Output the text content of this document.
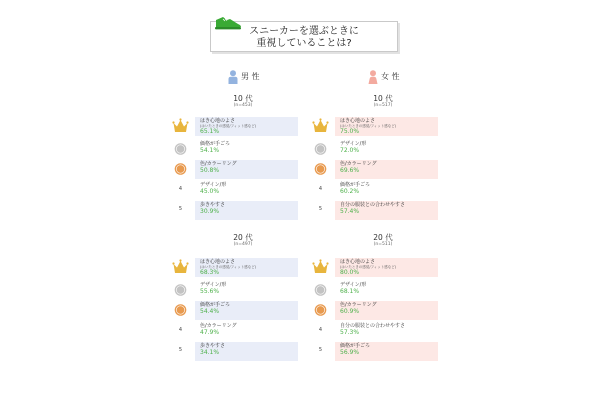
スニーカーを選ぶときに
重視していることは?
男 性	女 性
10 代
(n=453)
はき心地のよさ
(はいたときの感覚/フィット感など)
65.1%
価格が手ごろ
54.1%
色/カラーリング
50.8%
4
デザイン/形
45.0%
5
歩きやすさ
30.9%
20 代
(n=497)
はき心地のよさ
(はいたときの感覚/フィット感など)
68.3%
デザイン/形
55.6%
価格が手ごろ
54.4%
4
色/カラーリング
47.9%
5
歩きやすさ
34.1%
10 代
(n=517)
はき心地のよさ
(はいたときの感覚/フィット感など)
75.0%
デザイン/形
72.0%
色/カラーリング
69.6%
4
価格が手ごろ
60.2%
5
自分の服装との合わせやすさ
57.4%
20 代
(n=511)
はき心地のよさ
(はいたときの感覚/フィット感など)
80.0%
デザイン/形
68.1%
色/カラーリング
60.9%
4
自分の服装との合わせやすさ
57.3%
5
価格が手ごろ
56.9%
